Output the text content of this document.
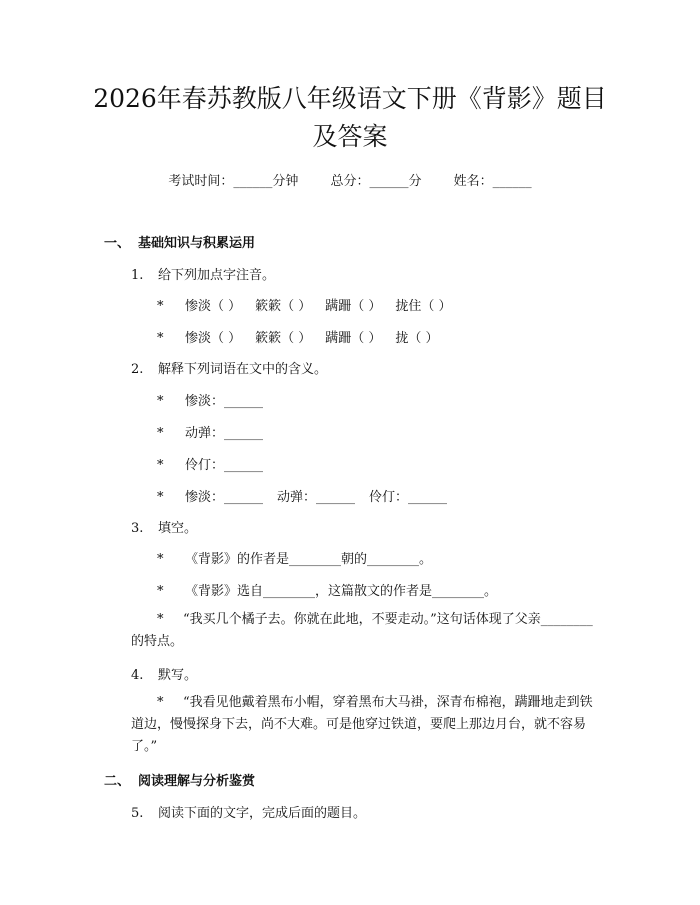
2026年春苏教版八年级语文下册《背影》题目及答案
考试时间：______分钟 总分：______分 姓名：______
一、 基础知识与积累运用
1. 给下列加点字注音。
* 惨淡（ ） 簌簌（ ） 蹒跚（ ） 拢住（ ）
* 惨淡（ ） 簌簌（ ） 蹒跚（ ） 拢（ ）
2. 解释下列词语在文中的含义。
* 惨淡：______
* 动弹：______
* 伶仃：______
* 惨淡：______ 动弹：______ 伶仃：______
3. 填空。
* 《背影》的作者是________朝的________。
* 《背影》选自________，这篇散文的作者是________。
* “我买几个橘子去。你就在此地，不要走动。”这句话体现了父亲________的特点。
4. 默写。
* “我看见他戴着黑布小帽，穿着黑布大马褂，深青布棉袍，蹒跚地走到铁道边，慢慢探身下去，尚不大难。可是他穿过铁道，要爬上那边月台，就不容易了。”
二、 阅读理解与分析鉴赏
5. 阅读下面的文字，完成后面的题目。
